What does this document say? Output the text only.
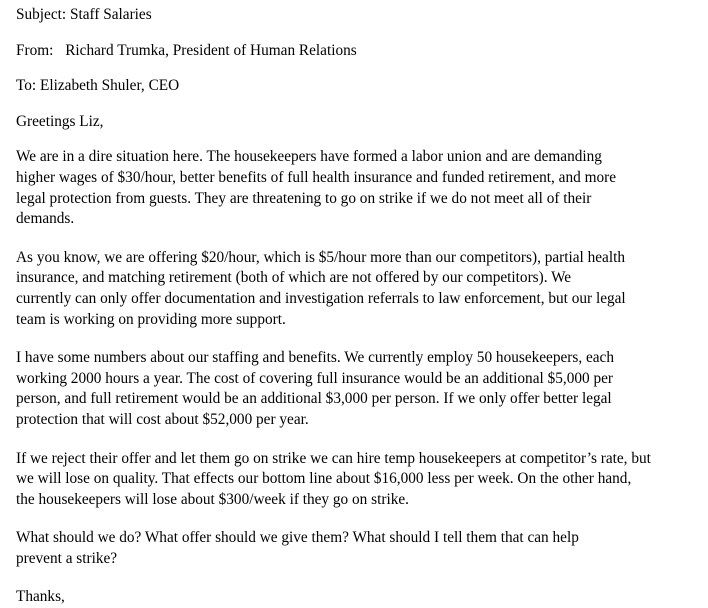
Subject: Staff Salaries

From: Richard Trumka, President of Human Relations

To: Elizabeth Shuler, CEO

Greetings Liz,

We are in a dire situation here. The housekeepers have formed a labor union and are demanding higher wages of $30/hour, better benefits of full health insurance and funded retirement, and more legal protection from guests. They are threatening to go on strike if we do not meet all of their demands.

As you know, we are offering $20/hour, which is $5/hour more than our competitors), partial health insurance, and matching retirement (both of which are not offered by our competitors). We currently can only offer documentation and investigation referrals to law enforcement, but our legal team is working on providing more support.

I have some numbers about our staffing and benefits. We currently employ 50 housekeepers, each working 2000 hours a year. The cost of covering full insurance would be an additional $5,000 per person, and full retirement would be an additional $3,000 per person. If we only offer better legal protection that will cost about $52,000 per year.

If we reject their offer and let them go on strike we can hire temp housekeepers at competitor’s rate, but we will lose on quality. That effects our bottom line about $16,000 less per week. On the other hand, the housekeepers will lose about $300/week if they go on strike.

What should we do? What offer should we give them? What should I tell them that can help prevent a strike?

Thanks,
